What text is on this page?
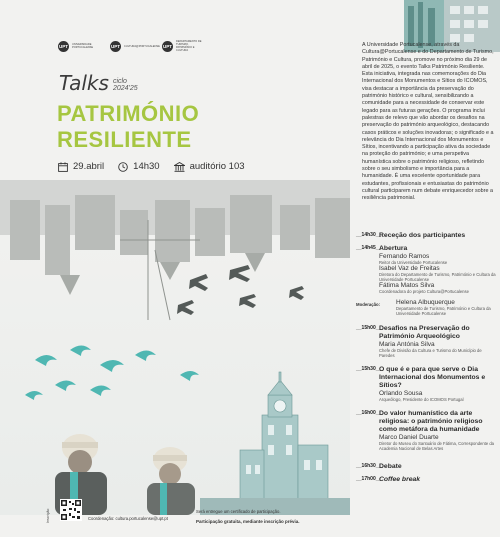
UPT	UNIVERSIDADE PORTUCALENSE	UPT	CULTURA@PORTUCALENSE UPT
DEPARTAMENTO DE TURISMO, PATRIMÓNIO E CULTURA
Talks ciclo
2024'25
PATRIMÓNIO
RESILIENTE
29.abril	14h30	auditório 103
A Universidade Portucalense, através da Cultura@Portucalense e do Departamento de Turismo, Património e Cultura, promove no próximo dia 29 de abril de 2025, o evento Talks Património Resiliente. Esta iniciativa, integrada nas comemorações do Dia Internacional dos Monumentos e Sítios do ICOMOS, visa destacar a importância da preservação do património histórico e cultural, sensibilizando a comunidade para a necessidade de conservar este legado para as futuras gerações. O programa inclui palestras de relevo que vão abordar os desafios na preservação do património arqueológico, destacando casos práticos e soluções inovadoras; o significado e a relevância do Dia Internacional dos Monumentos e Sítios, incentivando a participação ativa da sociedade na proteção do património; e uma perspetiva humanística sobre o património religioso, refletindo sobre o seu simbolismo e importância para a humanidade. É uma excelente oportunidade para estudantes, profissionais e entusiastas do património cultural participarem num debate enriquecedor sobre a resiliência patrimonial.
__14h30__
Receção dos participantes
__14h45__
Abertura
Fernando Ramos
Reitor da Universidade Portucalense
Isabel Vaz de Freitas
Diretora do Departamento de Turismo, Património e Cultura da Universidade Portucalense
Fátima Matos Silva
Coordenadora do projeto Cultura@Portucalense
Moderação: Helena Albuquerque
Departamento de Turismo, Património e Cultura da Universidade Portucalense
__15h00__
Desafios na Preservação do Património Arqueológico
Maria Antónia Silva
Chefe de Divisão da Cultura e Turismo do Município de Paredes
__15h30__
O que é e para que serve o Dia Internacional dos Monumentos e Sítios?
Orlando Sousa
Arqueólogo, Presidente do ICOMOS Portugal
__16h00__
Do valor humanístico da arte religiosa: o património religioso como metáfora da humanidade
Marco Daniel Duarte
Diretor do Museu do Santuário de Fátima, Correspondente da Academia Nacional de Belas Artes
__16h30__
Debate
__17h00__
Coffee break
Inscrição	Coordenação: cultura.portucalense@upt.pt
Será entregue um certificado de participação.
Participação gratuita, mediante inscrição prévia.
